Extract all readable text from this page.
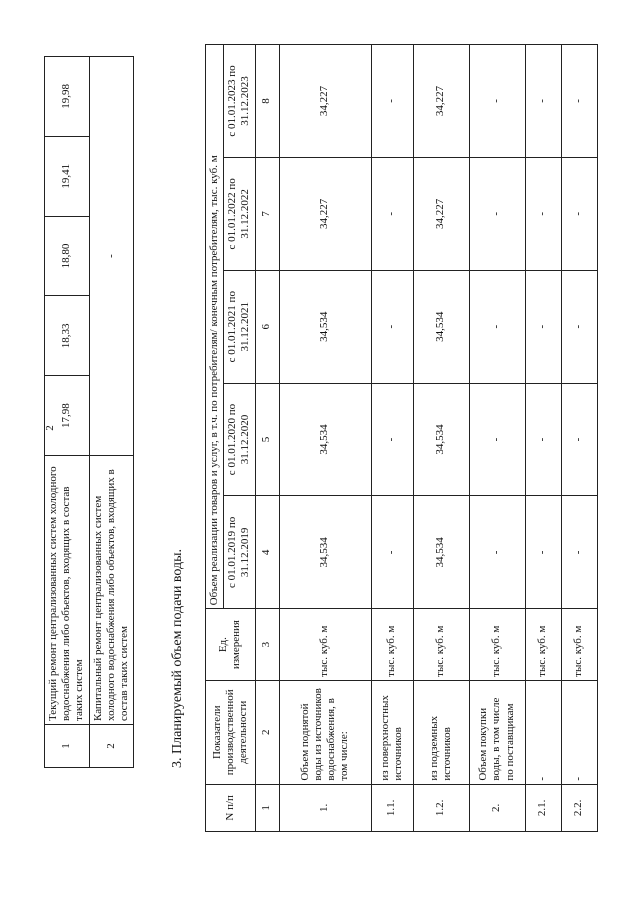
2
1	Текущий ремонт централизованных систем холодного водоснабжения либо объектов, входящих в состав таких систем	17,98	18,33	18,80	19,41	19,98
2	Капитальный ремонт централизованных систем холодного водоснабжения либо объектов, входящих в состав таких систем	-				
3. Планируемый объем подачи воды.
N п/п	Показатели производственной деятельности	Ед. измерения	Объем реализации товаров и услуг, в т.ч. по потребителям/ конечным потребителям, тыс. куб. м				
			с 01.01.2019 по 31.12.2019	с 01.01.2020 по 31.12.2020	с 01.01.2021 по 31.12.2021	с 01.01.2022 по 31.12.2022	с 01.01.2023 по 31.12.2023
1	2	3	4	5	6	7	8
1.	Объем поднятой воды из источников водоснабжения, в том числе:	тыс. куб. м	34,534	34,534	34,534	34,227	34,227
1.1.	из поверхностных источников	тыс. куб. м	-	-	-	-	-
1.2.	из подземных источников	тыс. куб. м	34,534	34,534	34,534	34,227	34,227
2.	Объем покупки воды, в том числе по поставщикам	тыс. куб. м	-	-	-	-	-
2.1.	-	тыс. куб. м	-	-	-	-	-
2.2.	-	тыс. куб. м	-	-	-	-	-
